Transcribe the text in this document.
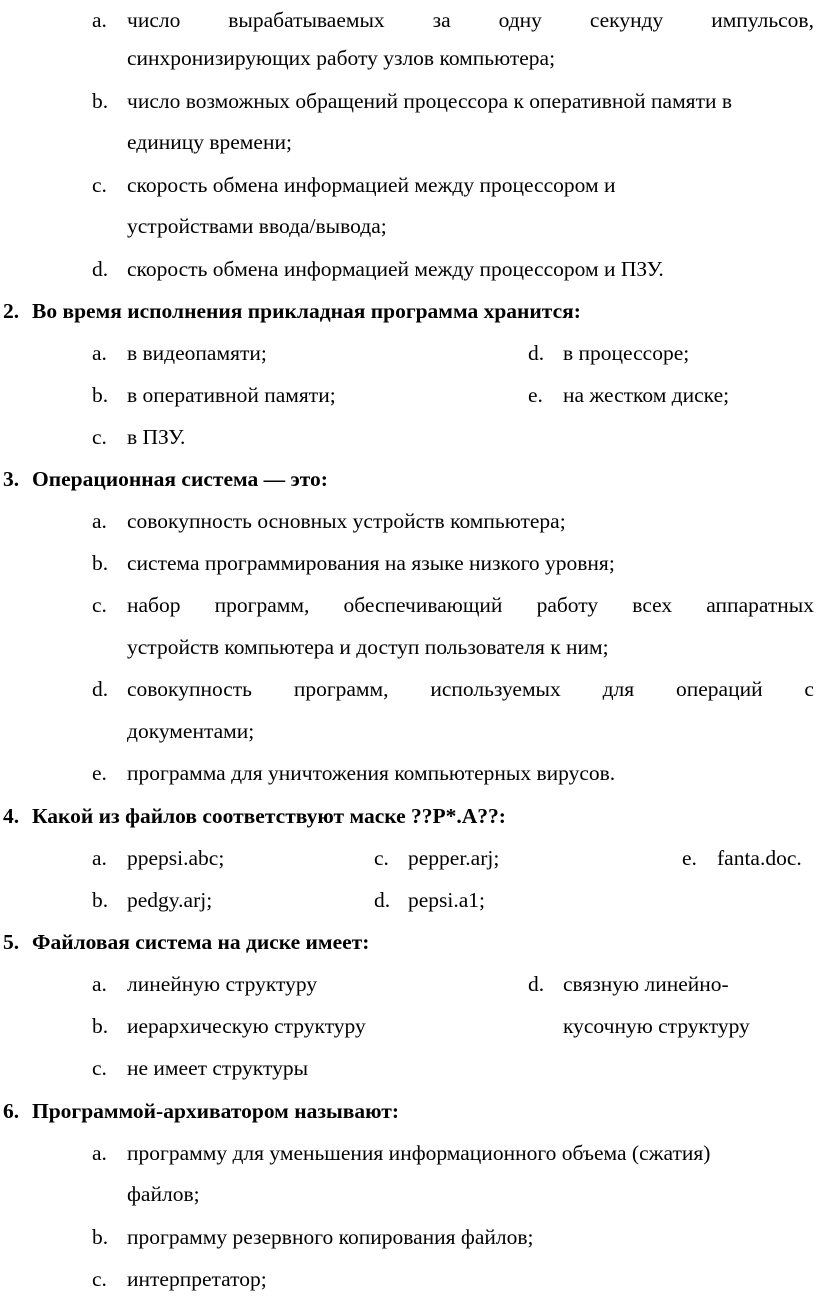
a. число вырабатываемых за одну секунду импульсов,
синхронизирующих работу узлов компьютера;
b. число возможных обращений процессора к оперативной памяти в
единицу времени;
c. скорость обмена информацией между процессором и
устройствами ввода/вывода;
d. скорость обмена информацией между процессором и ПЗУ.
2. Во время исполнения прикладная программа хранится:
a. в видеопамяти;
b. в оперативной памяти;
c. в ПЗУ.
d. в процессоре;
e. на жестком диске;
3. Операционная система — это:
a. совокупность основных устройств компьютера;
b. система программирования на языке низкого уровня;
c. набор программ, обеспечивающий работу всех аппаратных
устройств компьютера и доступ пользователя к ним;
d. совокупность программ, используемых для операций с
документами;
e. программа для уничтожения компьютерных вирусов.
4. Какой из файлов соответствуют маске ??P*.A??:
a. ppepsi.abc;
b. pedgy.arj;
c. pepper.arj;
d. pepsi.a1;
e. fanta.doc.
5. Файловая система на диске имеет:
a. линейную структуру
b. иерархическую структуру
c. не имеет структуры
d. связную линейно-
кусочную структуру
6. Программой-архиватором называют:
a. программу для уменьшения информационного объема (сжатия)
файлов;
b. программу резервного копирования файлов;
c. интерпретатор;
